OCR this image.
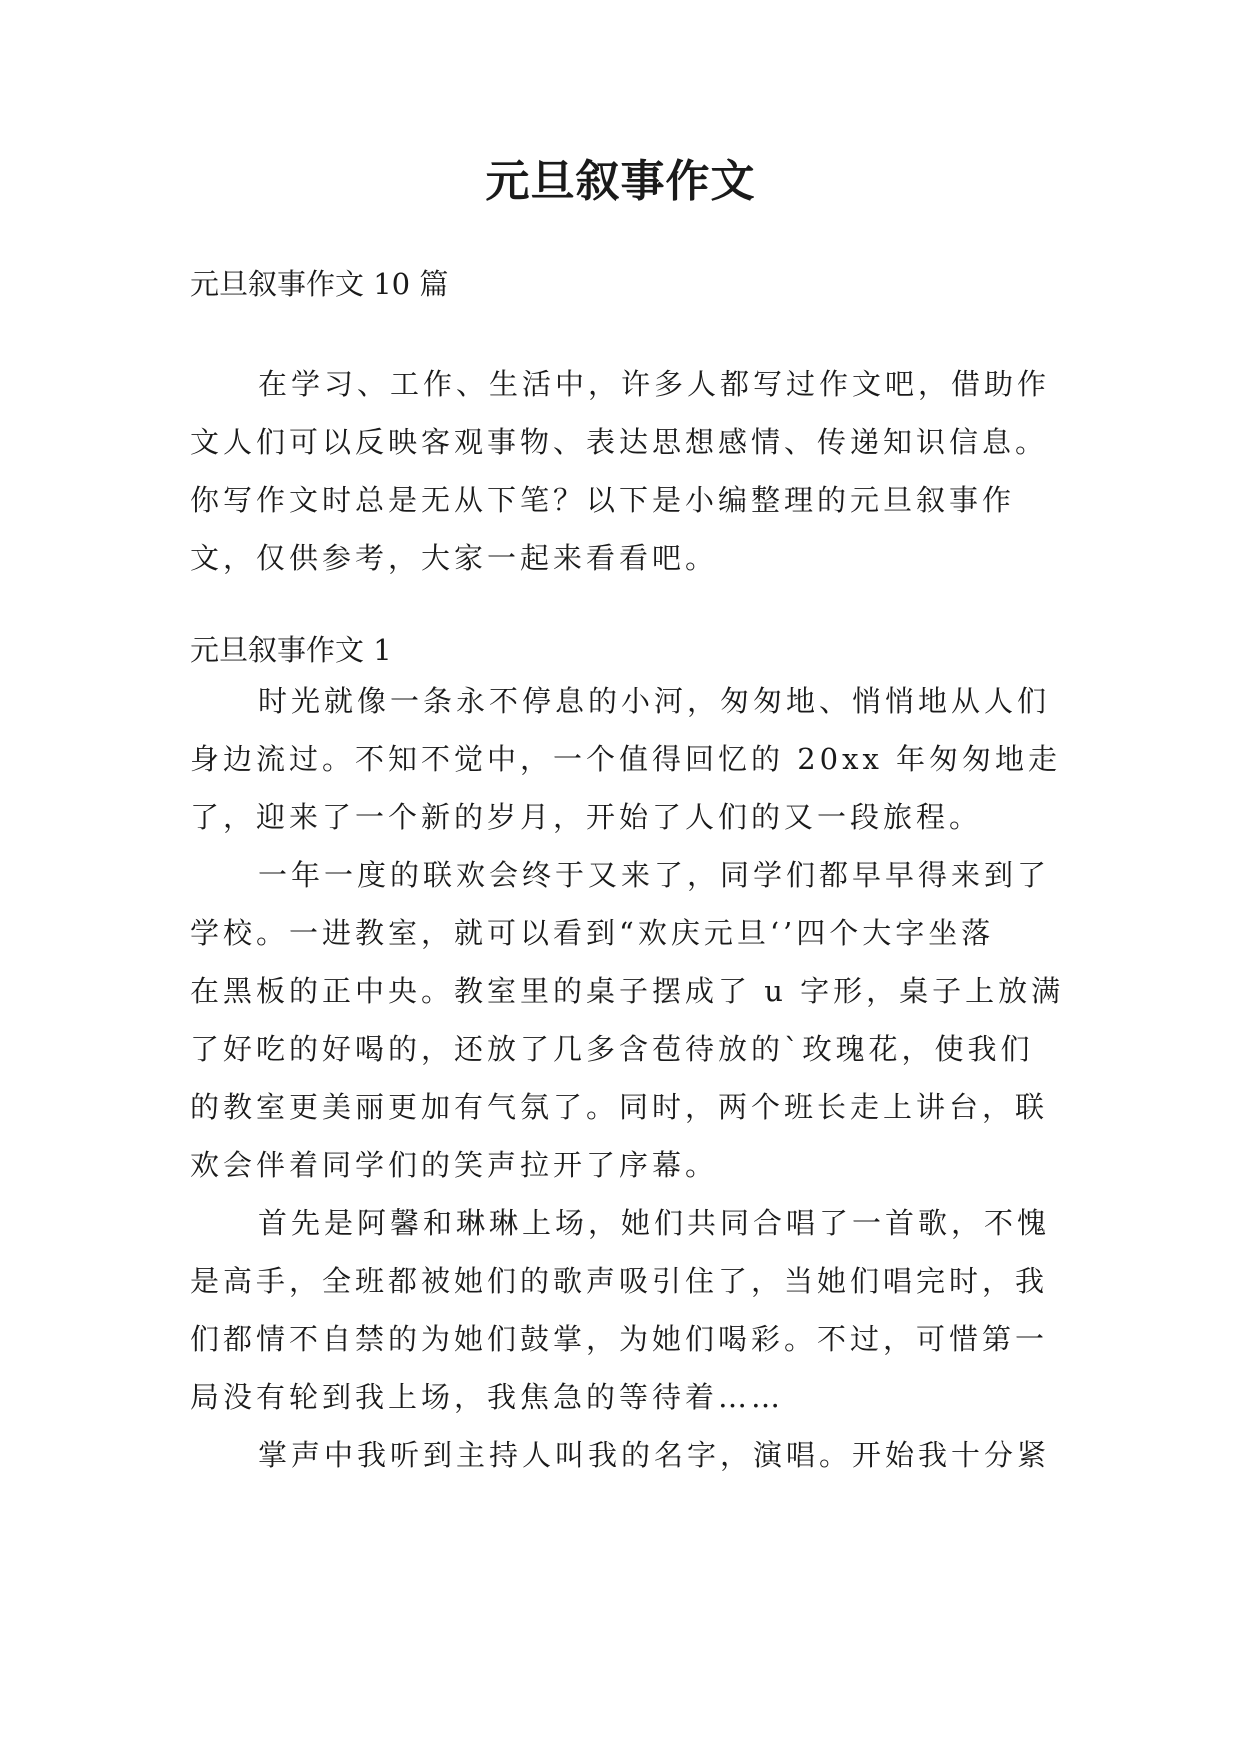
元旦叙事作文
元旦叙事作文 10 篇
在学习、工作、生活中，许多人都写过作文吧，借助作
文人们可以反映客观事物、表达思想感情、传递知识信息。
你写作文时总是无从下笔？以下是小编整理的元旦叙事作
文，仅供参考，大家一起来看看吧。
元旦叙事作文 1
时光就像一条永不停息的小河，匆匆地、悄悄地从人们
身边流过。不知不觉中，一个值得回忆的 20xx 年匆匆地走
了，迎来了一个新的岁月，开始了人们的又一段旅程。
一年一度的联欢会终于又来了，同学们都早早得来到了
学校。一进教室，就可以看到“欢庆元旦‘’四个大字坐落
在黑板的正中央。教室里的桌子摆成了 u 字形，桌子上放满
了好吃的好喝的，还放了几多含苞待放的`玫瑰花，使我们
的教室更美丽更加有气氛了。同时，两个班长走上讲台，联
欢会伴着同学们的笑声拉开了序幕。
首先是阿馨和琳琳上场，她们共同合唱了一首歌，不愧
是高手，全班都被她们的歌声吸引住了，当她们唱完时，我
们都情不自禁的为她们鼓掌，为她们喝彩。不过，可惜第一
局没有轮到我上场，我焦急的等待着……
掌声中我听到主持人叫我的名字，演唱。开始我十分紧
